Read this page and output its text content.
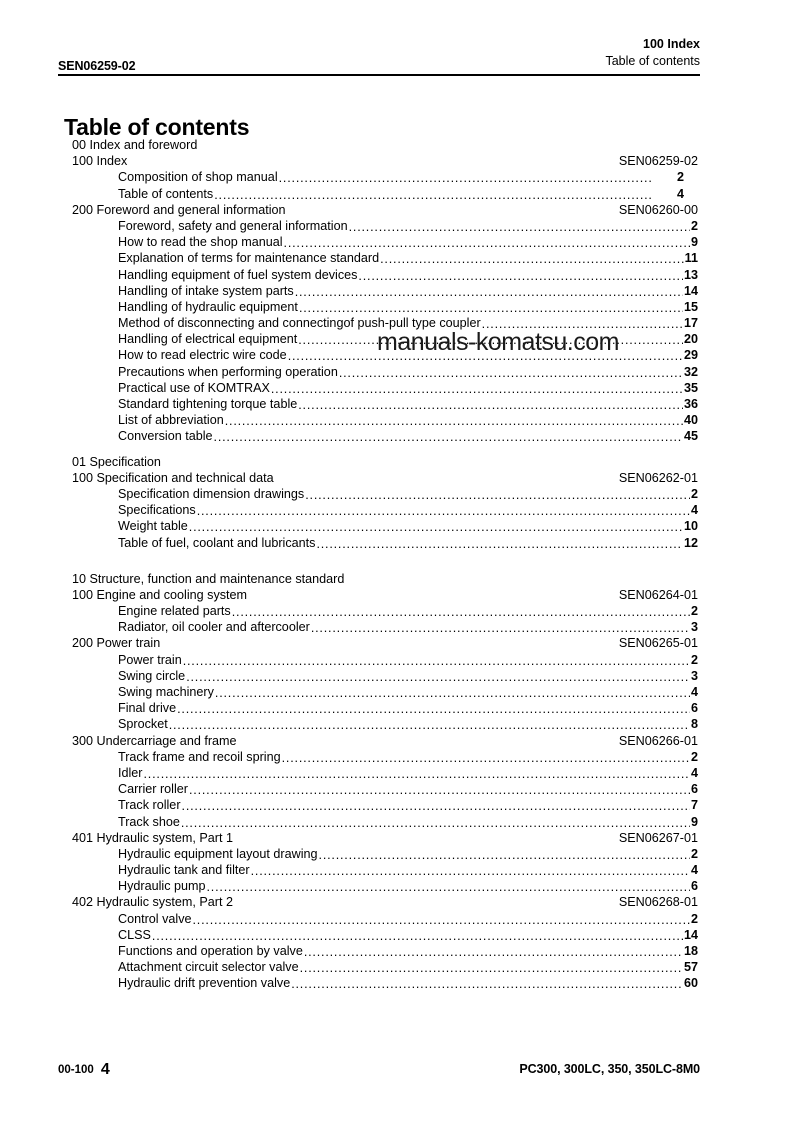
SEN06259-02
100 Index
Table of contents
Table of contents
00 Index and foreword
100 Index	SEN06259-02
Composition of shop manual .....	2
Table of contents .....	4
200 Foreword and general information	SEN06260-00
Foreword, safety and general information .....	2
How to read the shop manual .....	9
Explanation of terms for maintenance standard .....	11
Handling equipment of fuel system devices .....	13
Handling of intake system parts .....	14
Handling of hydraulic equipment .....	15
Method of disconnecting and connectingof push-pull type coupler .....	17
Handling of electrical equipment .....	20
How to read electric wire code .....	29
Precautions when performing operation .....	32
Practical use of KOMTRAX .....	35
Standard tightening torque table .....	36
List of abbreviation .....	40
Conversion table .....	45
01 Specification
100 Specification and technical data	SEN06262-01
Specification dimension drawings .....	2
Specifications .....	4
Weight table .....	10
Table of fuel, coolant and lubricants .....	12
10 Structure, function and maintenance standard
100 Engine and cooling system	SEN06264-01
Engine related parts .....	2
Radiator, oil cooler and aftercooler .....	3
200 Power train	SEN06265-01
Power train .....	2
Swing circle .....	3
Swing machinery .....	4
Final drive .....	6
Sprocket .....	8
300 Undercarriage and frame	SEN06266-01
Track frame and recoil spring .....	2
Idler .....	4
Carrier roller .....	6
Track roller .....	7
Track shoe .....	9
401 Hydraulic system, Part 1	SEN06267-01
Hydraulic equipment layout drawing .....	2
Hydraulic tank and filter .....	4
Hydraulic pump .....	6
402 Hydraulic system, Part 2	SEN06268-01
Control valve .....	2
CLSS .....	14
Functions and operation by valve .....	18
Attachment circuit selector valve .....	57
Hydraulic drift prevention valve .....	60
manuals-komatsu.com
00-100 4	PC300, 300LC, 350, 350LC-8M0
